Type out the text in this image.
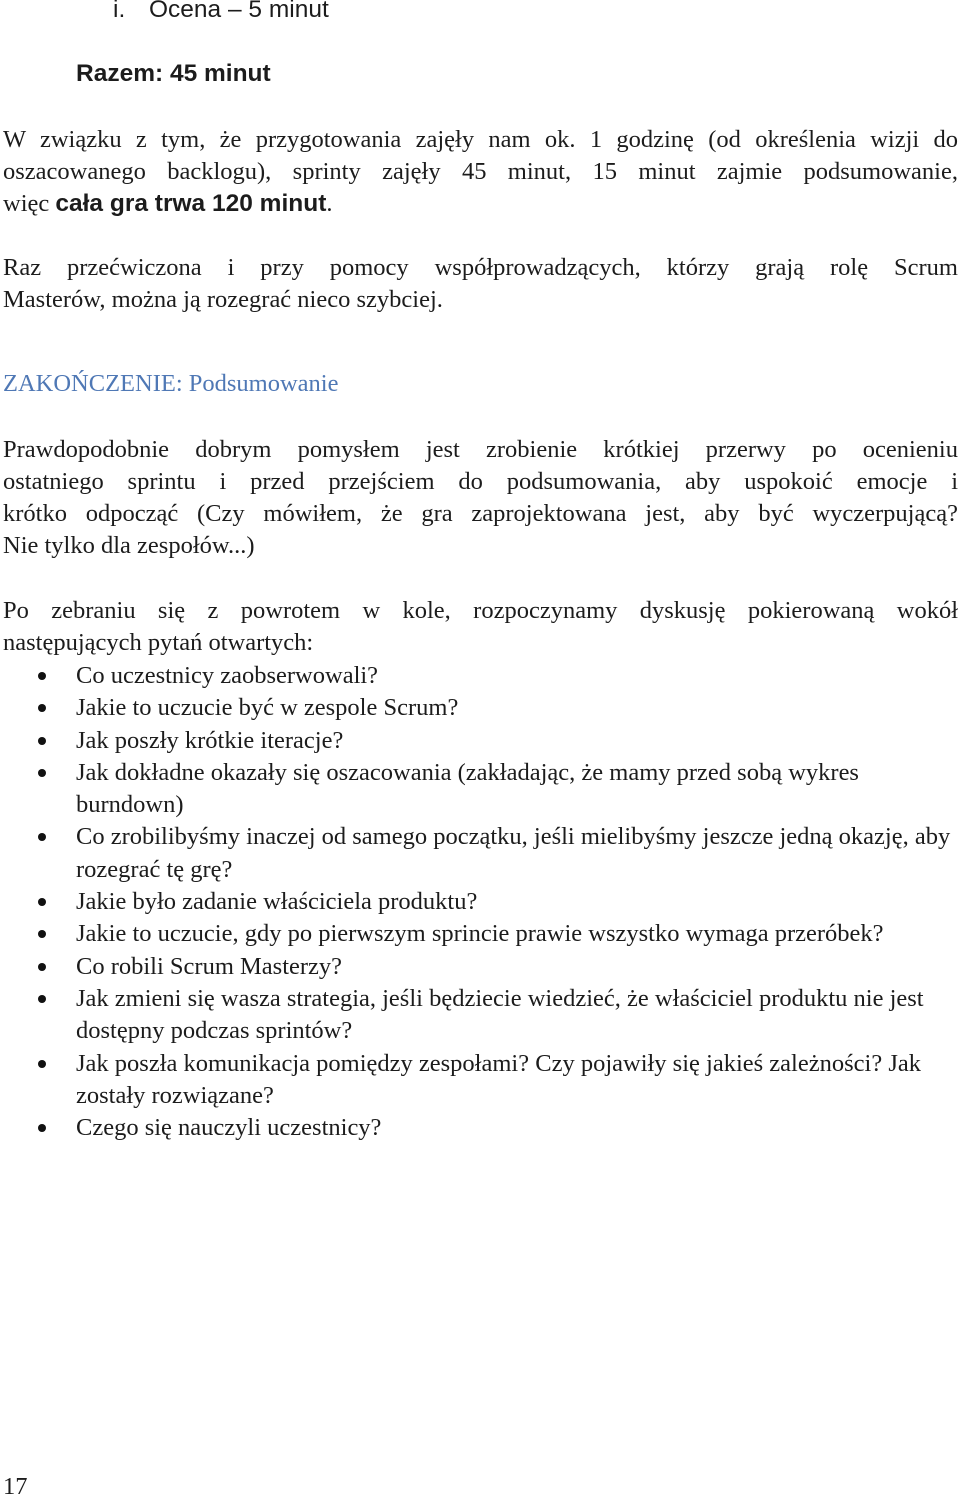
i. Ocena – 5 minut
Razem: 45 minut
W związku z tym, że przygotowania zajęły nam ok. 1 godzinę (od określenia wizji do
oszacowanego backlogu), sprinty zajęły 45 minut, 15 minut zajmie podsumowanie,
więc cała gra trwa 120 minut.
Raz przećwiczona i przy pomocy współprowadzących, którzy grają rolę Scrum
Masterów, można ją rozegrać nieco szybciej.
ZAKOŃCZENIE: Podsumowanie
Prawdopodobnie dobrym pomysłem jest zrobienie krótkiej przerwy po ocenieniu
ostatniego sprintu i przed przejściem do podsumowania, aby uspokoić emocje i
krótko odpocząć (Czy mówiłem, że gra zaprojektowana jest, aby być wyczerpującą?
Nie tylko dla zespołów...)
Po zebraniu się z powrotem w kole, rozpoczynamy dyskusję pokierowaną wokół
następujących pytań otwartych:
Co uczestnicy zaobserwowali?
Jakie to uczucie być w zespole Scrum?
Jak poszły krótkie iteracje?
Jak dokładne okazały się oszacowania (zakładając, że mamy przed sobą wykres burndown)
Co zrobilibyśmy inaczej od samego początku, jeśli mielibyśmy jeszcze jedną okazję, aby rozegrać tę grę?
Jakie było zadanie właściciela produktu?
Jakie to uczucie, gdy po pierwszym sprincie prawie wszystko wymaga przeróbek?
Co robili Scrum Masterzy?
Jak zmieni się wasza strategia, jeśli będziecie wiedzieć, że właściciel produktu nie jest dostępny podczas sprintów?
Jak poszła komunikacja pomiędzy zespołami? Czy pojawiły się jakieś zależności? Jak zostały rozwiązane?
Czego się nauczyli uczestnicy?
17
